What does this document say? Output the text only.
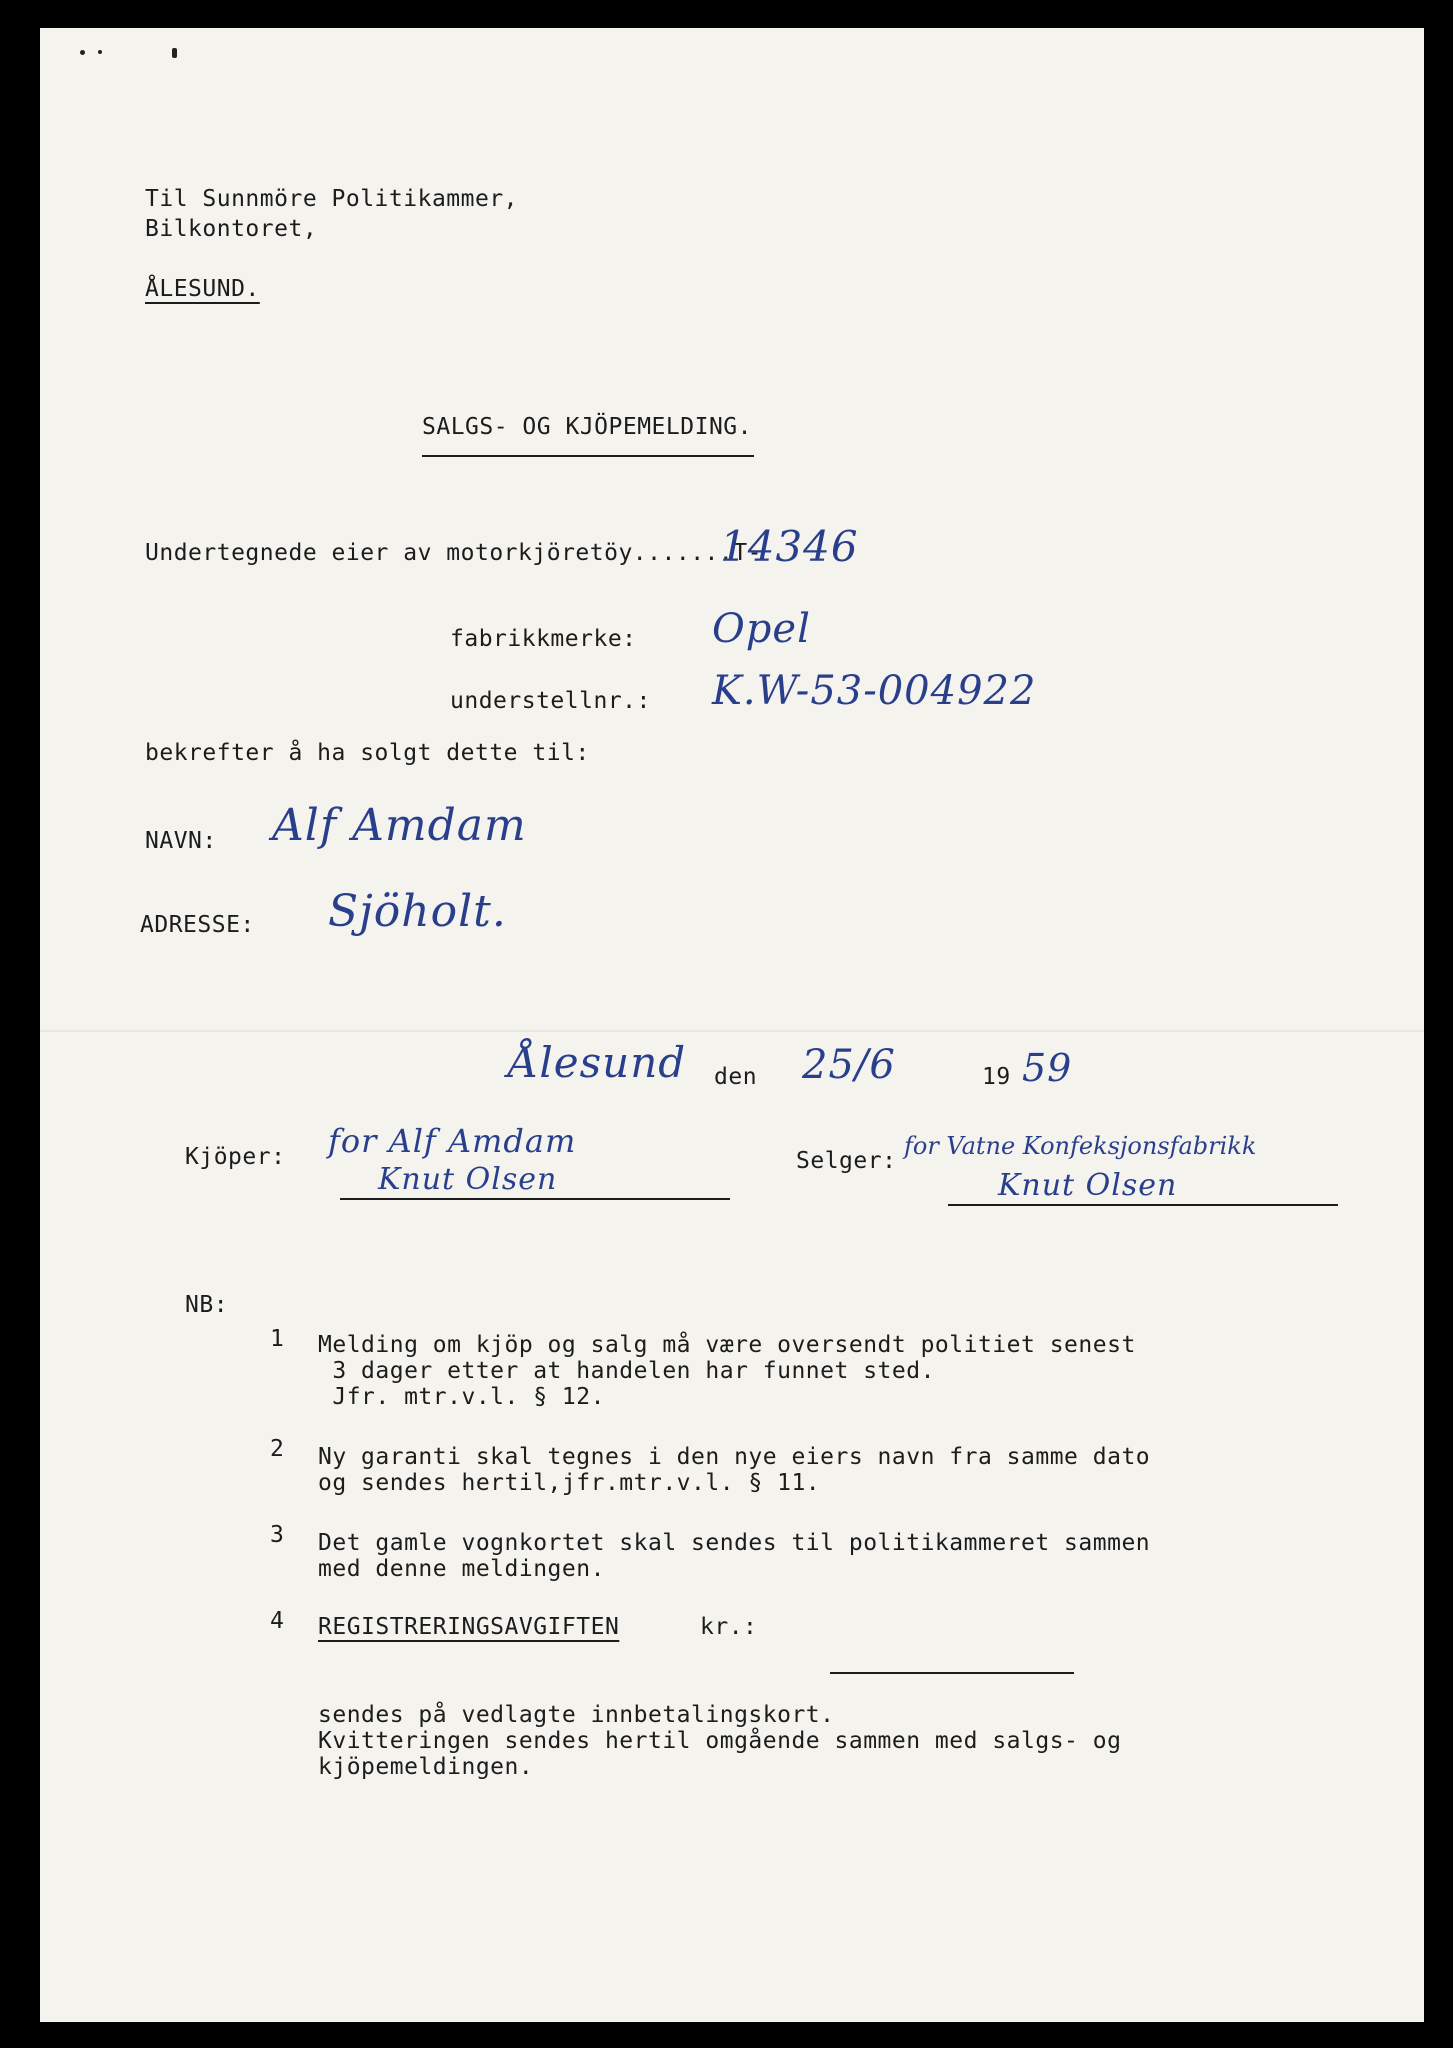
Til Sunnmöre Politikammer,
Bilkontoret,
ÅLESUND.
SALGS- OG KJÖPEMELDING.
Undertegnede eier av motorkjöretöy.......T-
14346
fabrikkmerke: Opel
understellnr.: K.W-53-004922
bekrefter å ha solgt dette til:
NAVN: Alf Amdam
ADRESSE: Sjöholt.
Ålesund den 25/6	19 59
Kjöper: for Alf Amdam
Knut Olsen
Selger:
for Vatne Konfeksjonsfabrikk
Knut Olsen
NB:
1 Melding om kjöp og salg må være oversendt politiet senest
3 dager etter at handelen har funnet sted.
Jfr. mtr.v.l. § 12.
2 Ny garanti skal tegnes i den nye eiers navn fra samme dato
og sendes hertil,jfr.mtr.v.l. § 11.
3 Det gamle vognkortet skal sendes til politikammeret sammen
med denne meldingen.
4 REGISTRERINGSAVGIFTEN	kr.:
sendes på vedlagte innbetalingskort.
Kvitteringen sendes hertil omgående sammen med salgs- og
kjöpemeldingen.
